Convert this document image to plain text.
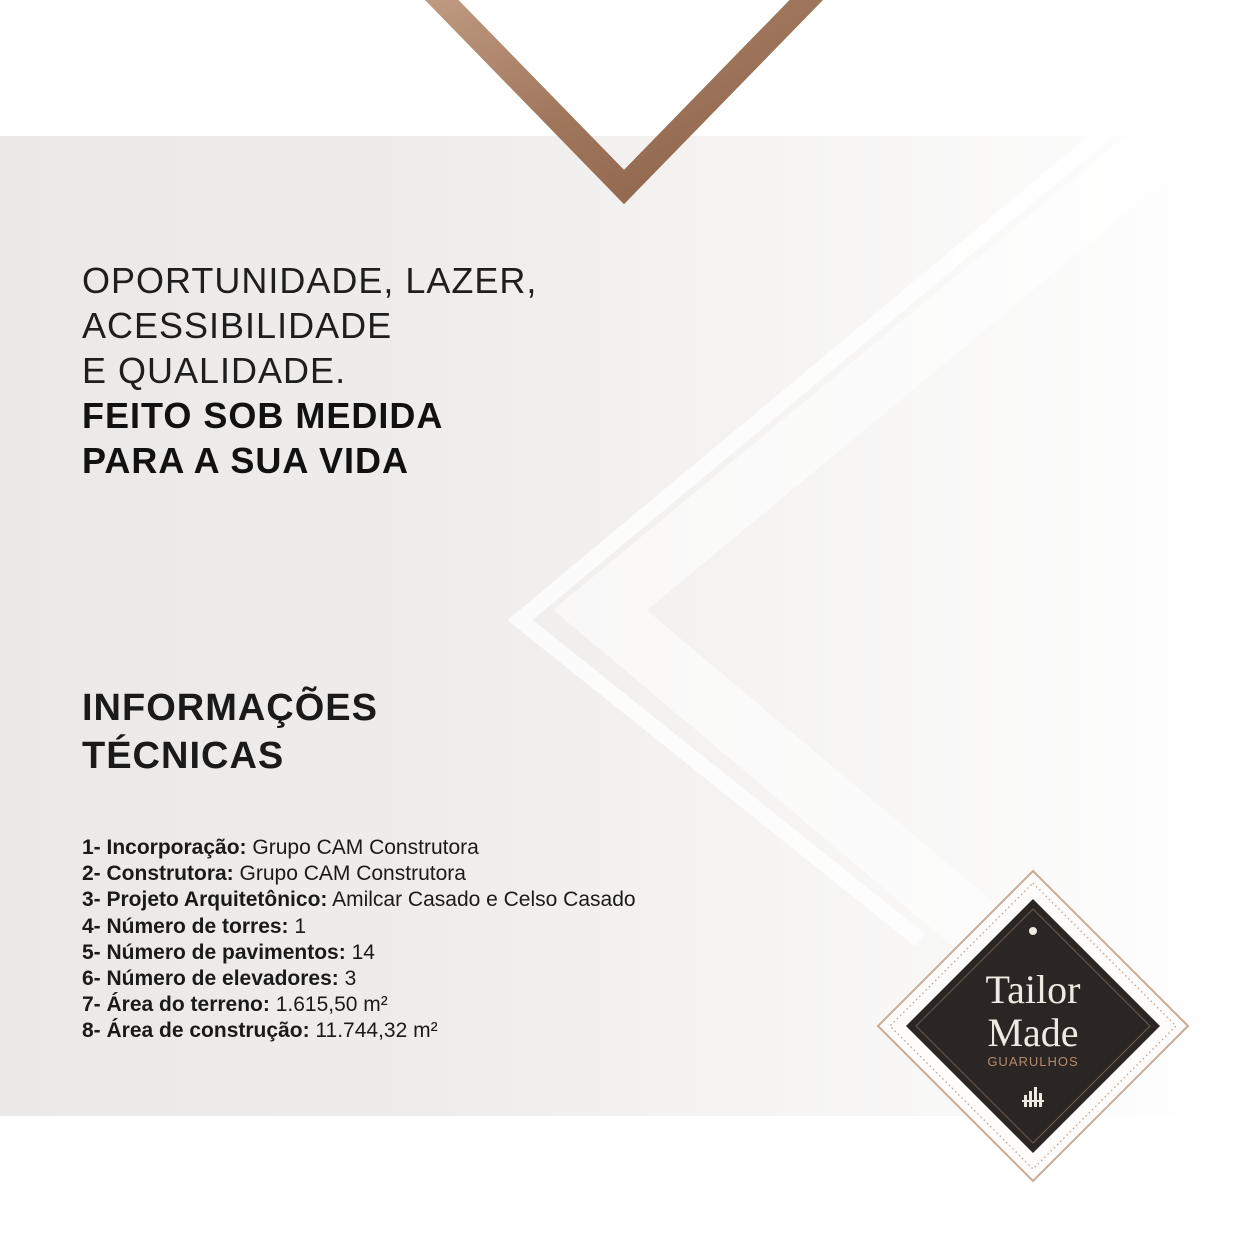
OPORTUNIDADE, LAZER,
ACESSIBILIDADE
E QUALIDADE.
FEITO SOB MEDIDA
PARA A SUA VIDA
INFORMAÇÕES
TÉCNICAS
1- Incorporação: Grupo CAM Construtora
2- Construtora: Grupo CAM Construtora
3- Projeto Arquitetônico: Amilcar Casado e Celso Casado
4- Número de torres: 1
5- Número de pavimentos: 14
6- Número de elevadores: 3
7- Área do terreno: 1.615,50 m²
8- Área de construção: 11.744,32 m²
Tailor
Made
GUARULHOS
